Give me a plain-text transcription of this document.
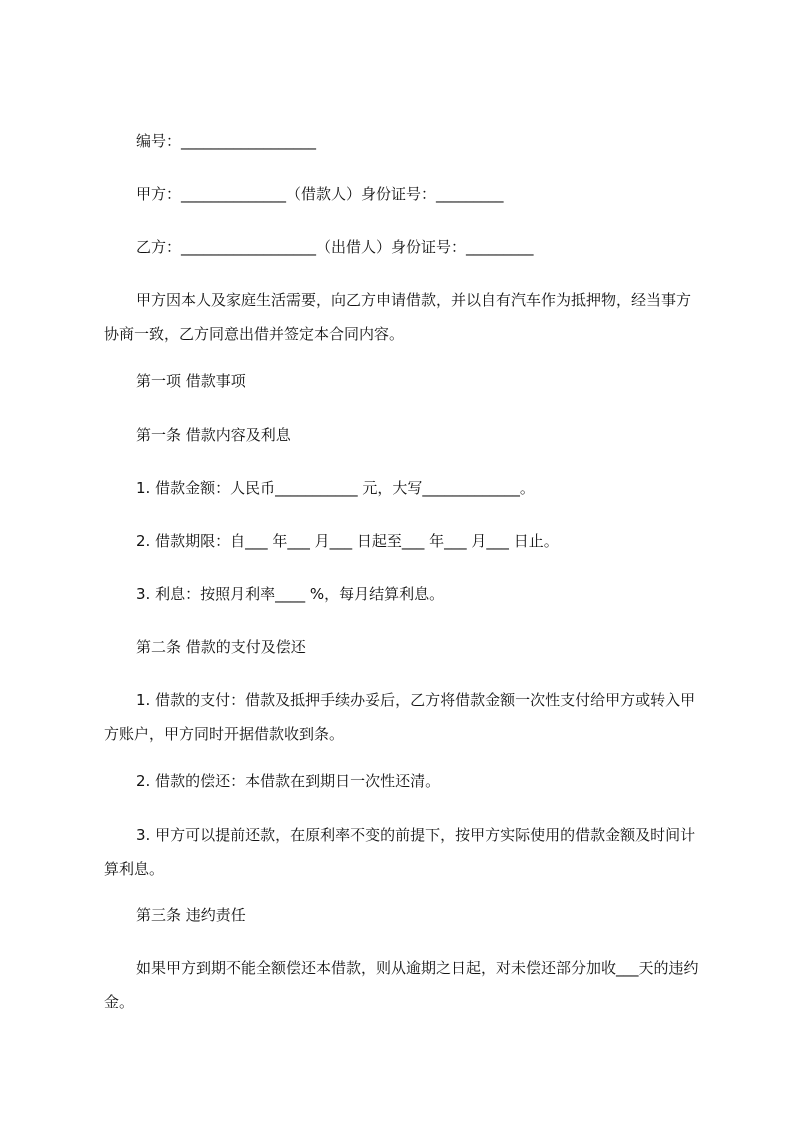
编号：__________________

甲方：______________（借款人）身份证号：_________

乙方：__________________（出借人）身份证号：_________

甲方因本人及家庭生活需要，向乙方申请借款，并以自有汽车作为抵押物，经当事方协商一致，乙方同意出借并签定本合同内容。

第一项 借款事项

第一条 借款内容及利息

1. 借款金额：人民币___________ 元，大写_____________。

2. 借款期限：自___ 年___ 月___ 日起至___ 年___ 月___ 日止。

3. 利息：按照月利率____ %，每月结算利息。

第二条 借款的支付及偿还

1. 借款的支付：借款及抵押手续办妥后，乙方将借款金额一次性支付给甲方或转入甲方账户，甲方同时开据借款收到条。

2. 借款的偿还：本借款在到期日一次性还清。

3. 甲方可以提前还款，在原利率不变的前提下，按甲方实际使用的借款金额及时间计算利息。

第三条 违约责任

如果甲方到期不能全额偿还本借款，则从逾期之日起，对未偿还部分加收___天的违约金。
